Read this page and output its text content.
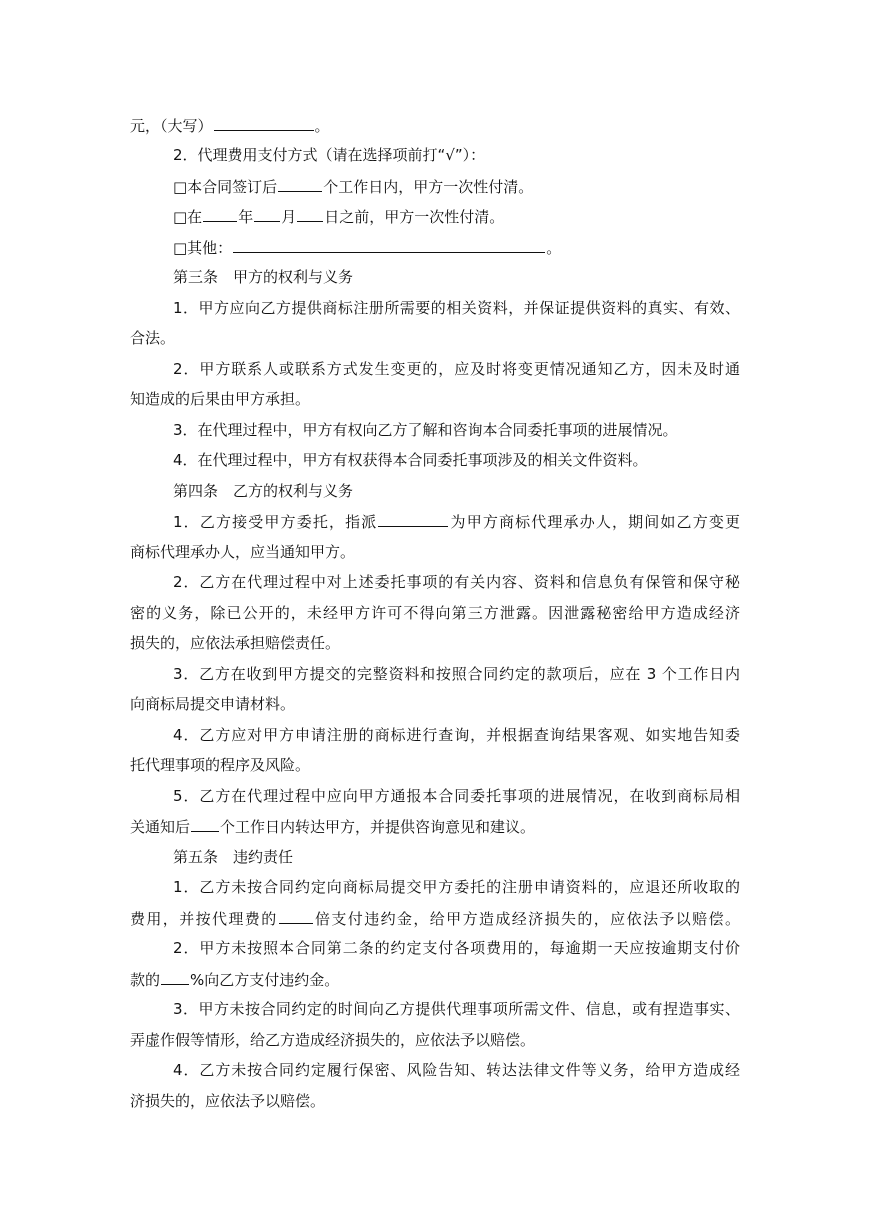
元，（大写）	。

2．代理费用支付方式（请在选择项前打“√”）：

□本合同签订后	个工作日内，甲方一次性付清。

□在 年 月 日之前，甲方一次性付清。

□其他：	。

第三条　甲方的权利与义务

1．甲方应向乙方提供商标注册所需要的相关资料，并保证提供资料的真实、有效、

合法。

2．甲方联系人或联系方式发生变更的，应及时将变更情况通知乙方，因未及时通

知造成的后果由甲方承担。

3．在代理过程中，甲方有权向乙方了解和咨询本合同委托事项的进展情况。

4．在代理过程中，甲方有权获得本合同委托事项涉及的相关文件资料。

第四条　乙方的权利与义务

1．乙方接受甲方委托，指派	为甲方商标代理承办人，期间如乙方变更

商标代理承办人，应当通知甲方。

2．乙方在代理过程中对上述委托事项的有关内容、资料和信息负有保管和保守秘

密的义务，除已公开的，未经甲方许可不得向第三方泄露。因泄露秘密给甲方造成经济

损失的，应依法承担赔偿责任。

3．乙方在收到甲方提交的完整资料和按照合同约定的款项后，应在 3 个工作日内

向商标局提交申请材料。

4．乙方应对甲方申请注册的商标进行查询，并根据查询结果客观、如实地告知委

托代理事项的程序及风险。

5．乙方在代理过程中应向甲方通报本合同委托事项的进展情况，在收到商标局相

关通知后 个工作日内转达甲方，并提供咨询意见和建议。

第五条　违约责任

1．乙方未按合同约定向商标局提交甲方委托的注册申请资料的，应退还所收取的

费用，并按代理费的 倍支付违约金，给甲方造成经济损失的，应依法予以赔偿。

2．甲方未按照本合同第二条的约定支付各项费用的，每逾期一天应按逾期支付价

款的 %向乙方支付违约金。

3．甲方未按合同约定的时间向乙方提供代理事项所需文件、信息，或有捏造事实、

弄虚作假等情形，给乙方造成经济损失的，应依法予以赔偿。

4．乙方未按合同约定履行保密、风险告知、转达法律文件等义务，给甲方造成经

济损失的，应依法予以赔偿。
